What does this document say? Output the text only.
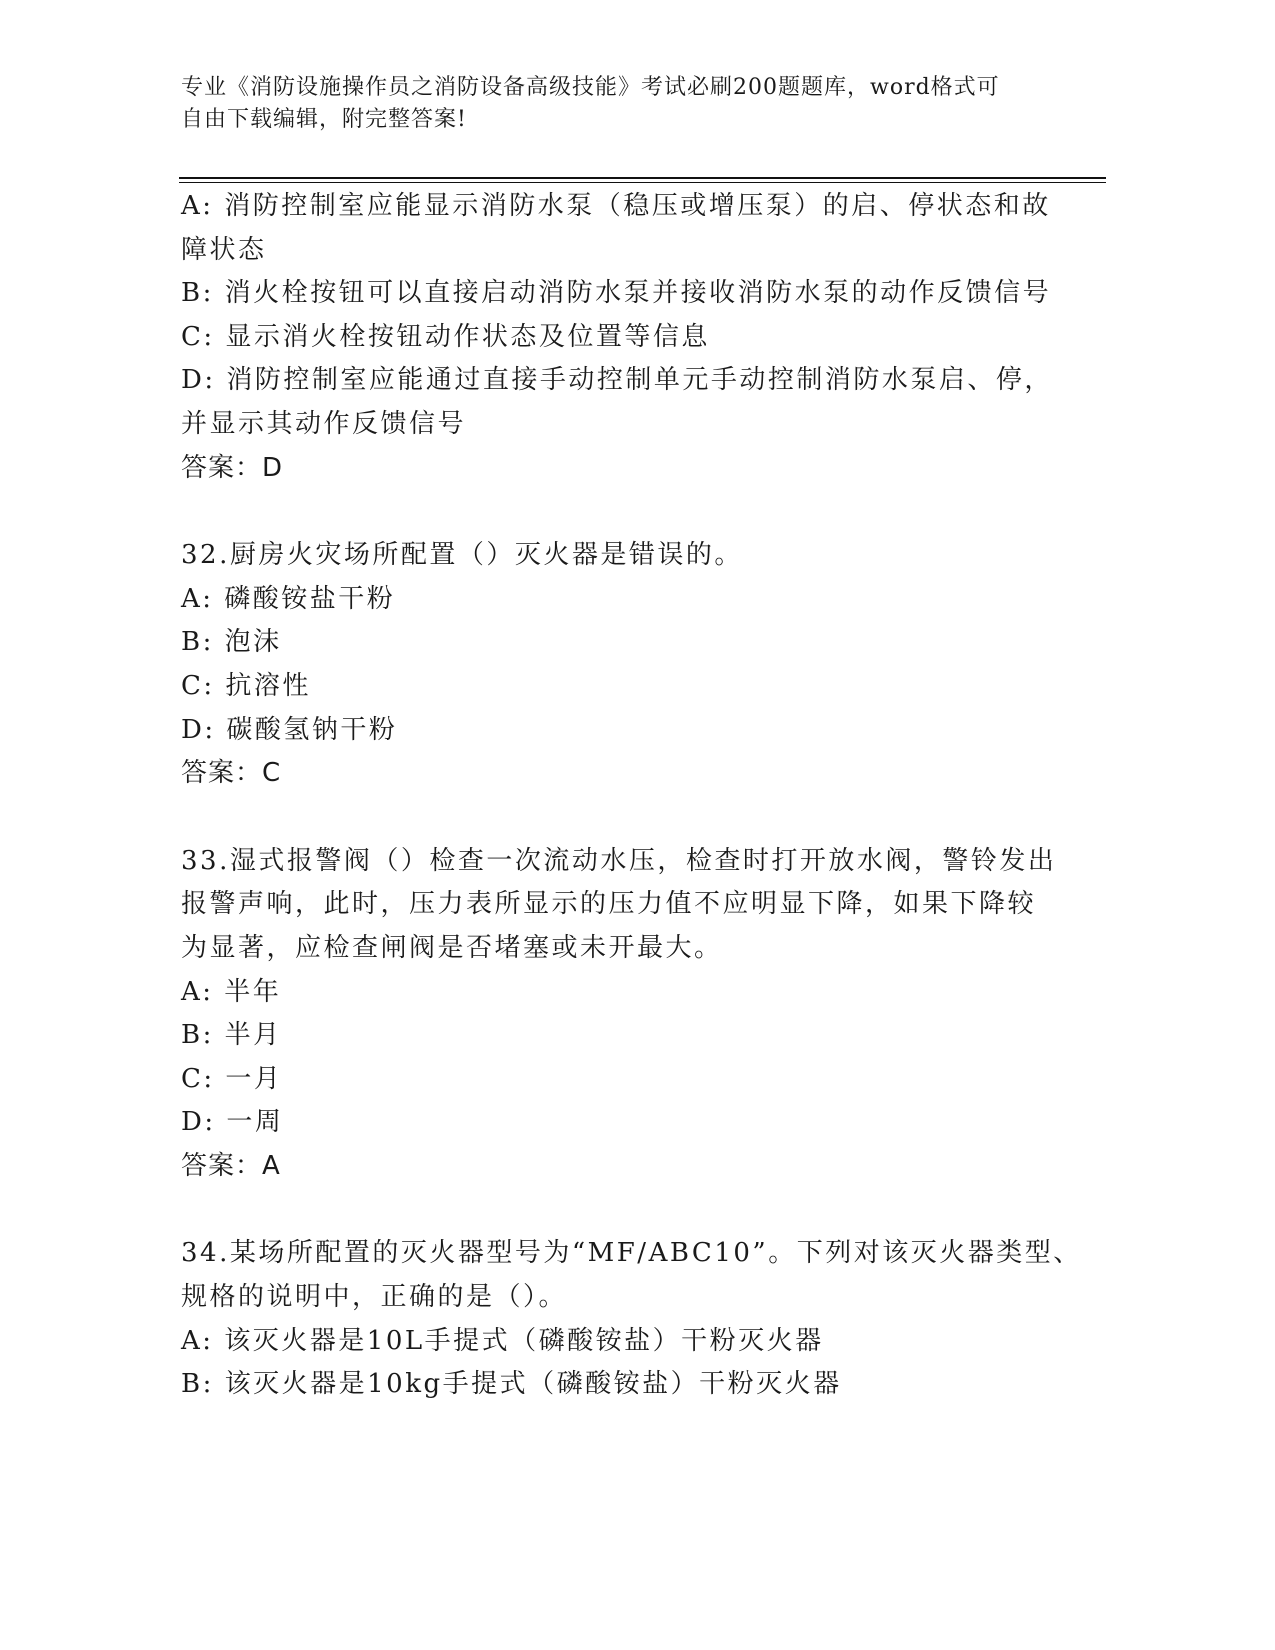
专业《消防设施操作员之消防设备高级技能》考试必刷200题题库，word格式可
自由下载编辑，附完整答案!
A: 消防控制室应能显示消防水泵（稳压或增压泵）的启、停状态和故
障状态
B: 消火栓按钮可以直接启动消防水泵并接收消防水泵的动作反馈信号
C: 显示消火栓按钮动作状态及位置等信息
D: 消防控制室应能通过直接手动控制单元手动控制消防水泵启、停，
并显示其动作反馈信号
答案：D
32.厨房火灾场所配置（）灭火器是错误的。
A: 磷酸铵盐干粉
B: 泡沫
C: 抗溶性
D: 碳酸氢钠干粉
答案：C
33.湿式报警阀（）检查一次流动水压，检查时打开放水阀，警铃发出
报警声响，此时，压力表所显示的压力值不应明显下降，如果下降较
为显著，应检查闸阀是否堵塞或未开最大。
A: 半年
B: 半月
C: 一月
D: 一周
答案：A
34.某场所配置的灭火器型号为“MF/ABC10”。下列对该灭火器类型、
规格的说明中，正确的是（）。
A: 该灭火器是10L手提式（磷酸铵盐）干粉灭火器
B: 该灭火器是10kg手提式（磷酸铵盐）干粉灭火器
